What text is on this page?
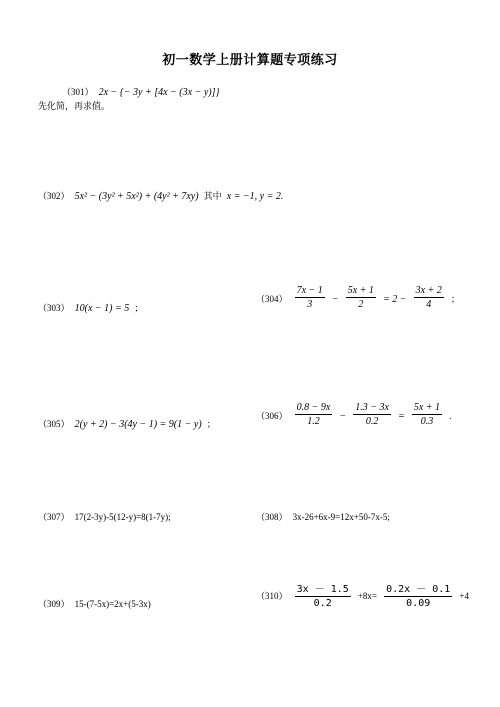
初一数学上册计算题专项练习
（301） 2x − {− 3y + [4x − (3x − y)]}
先化简，再求值。
（302） 5x² − (3y² + 5x²) + (4y² + 7xy) 其中 x = −1, y = 2.
（303） 10(x − 1) = 5 ；
$(304) \frac{7x - 1}{3} - \frac{5x + 1}{2} = 2 - \frac{3x + 2}{4}$ ；
（305） 2(y + 2) − 3(4y − 1) = 9(1 − y) ；
$(306) \frac{0.8 - 9x}{1.2} - \frac{1.3 - 3x}{0.2} = \frac{5x + 1}{0.3}$ .
（307） 17(2-3y)-5(12-y)=8(1-7y);	（308） 3x-26+6x-9=12x+50-7x-5;
（309） 15-(7-5x)=2x+(5-3x)
$(310) \frac{3x - 1.5}{0.2} +8x= \frac{0.2x - 0.1}{0.09} +4$
